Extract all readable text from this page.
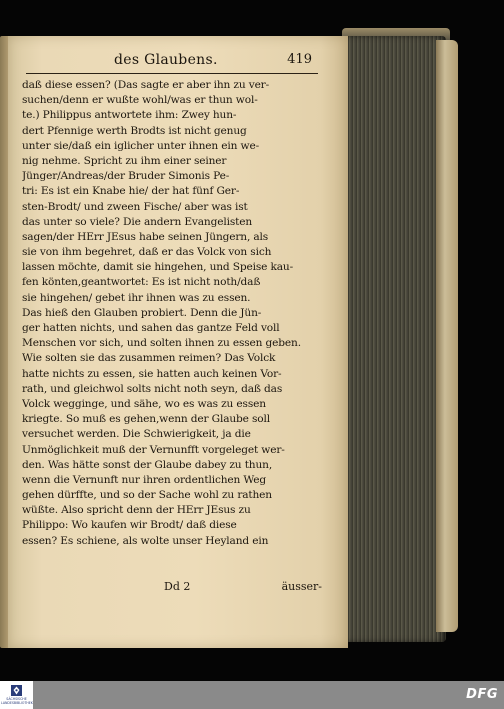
des Glaubens.	419
daß diese essen? (Das sagte er aber ihn zu ver-
suchen/denn er wußte wohl/was er thun wol-
te.) Philippus antwortete ihm: Zwey hun-
dert Pfennige werth Brodts ist nicht genug
unter sie/daß ein iglicher unter ihnen ein we-
nig nehme. Spricht zu ihm einer seiner
Jünger/Andreas/der Bruder Simonis Pe-
tri: Es ist ein Knabe hie/ der hat fünf Ger-
sten-Brodt/ und zween Fische/ aber was ist
das unter so viele? Die andern Evangelisten
sagen/der HErr JEsus habe seinen Jüngern, als
sie von ihm begehret, daß er das Volck von sich
lassen möchte, damit sie hingehen, und Speise kau-
fen könten,geantwortet: Es ist nicht noth/daß
sie hingehen/ gebet ihr ihnen was zu essen.
Das hieß den Glauben probiert. Denn die Jün-
ger hatten nichts, und sahen das gantze Feld voll
Menschen vor sich, und solten ihnen zu essen geben.
Wie solten sie das zusammen reimen? Das Volck
hatte nichts zu essen, sie hatten auch keinen Vor-
rath, und gleichwol solts nicht noth seyn, daß das
Volck wegginge, und sähe, wo es was zu essen
kriegte. So muß es gehen,wenn der Glaube soll
versuchet werden. Die Schwierigkeit, ja die
Unmöglichkeit muß der Vernunfft vorgeleget wer-
den. Was hätte sonst der Glaube dabey zu thun,
wenn die Vernunft nur ihren ordentlichen Weg
gehen dürffte, und so der Sache wohl zu rathen
wüßte. Also spricht denn der HErr JEsus zu
Philippo: Wo kaufen wir Brodt/ daß diese
essen? Es schiene, als wolte unser Heyland ein
Dd 2	äusser-
SÄCHSISCHE LANDESBIBLIOTHEK
DFG
